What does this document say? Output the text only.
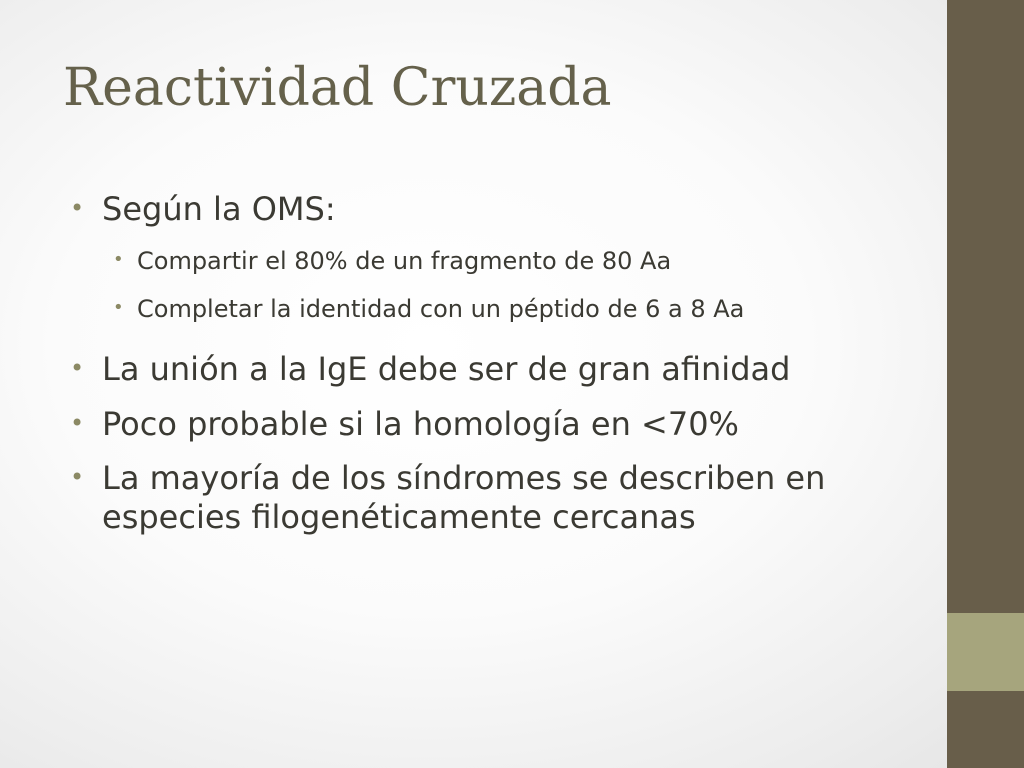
Reactividad Cruzada
• Según la OMS:
• Compartir el 80% de un fragmento de 80 Aa
• Completar la identidad con un péptido de 6 a 8 Aa
• La unión a la IgE debe ser de gran afinidad
• Poco probable si la homología en <70%
• La mayoría de los síndromes se describen en especies filogenéticamente cercanas
